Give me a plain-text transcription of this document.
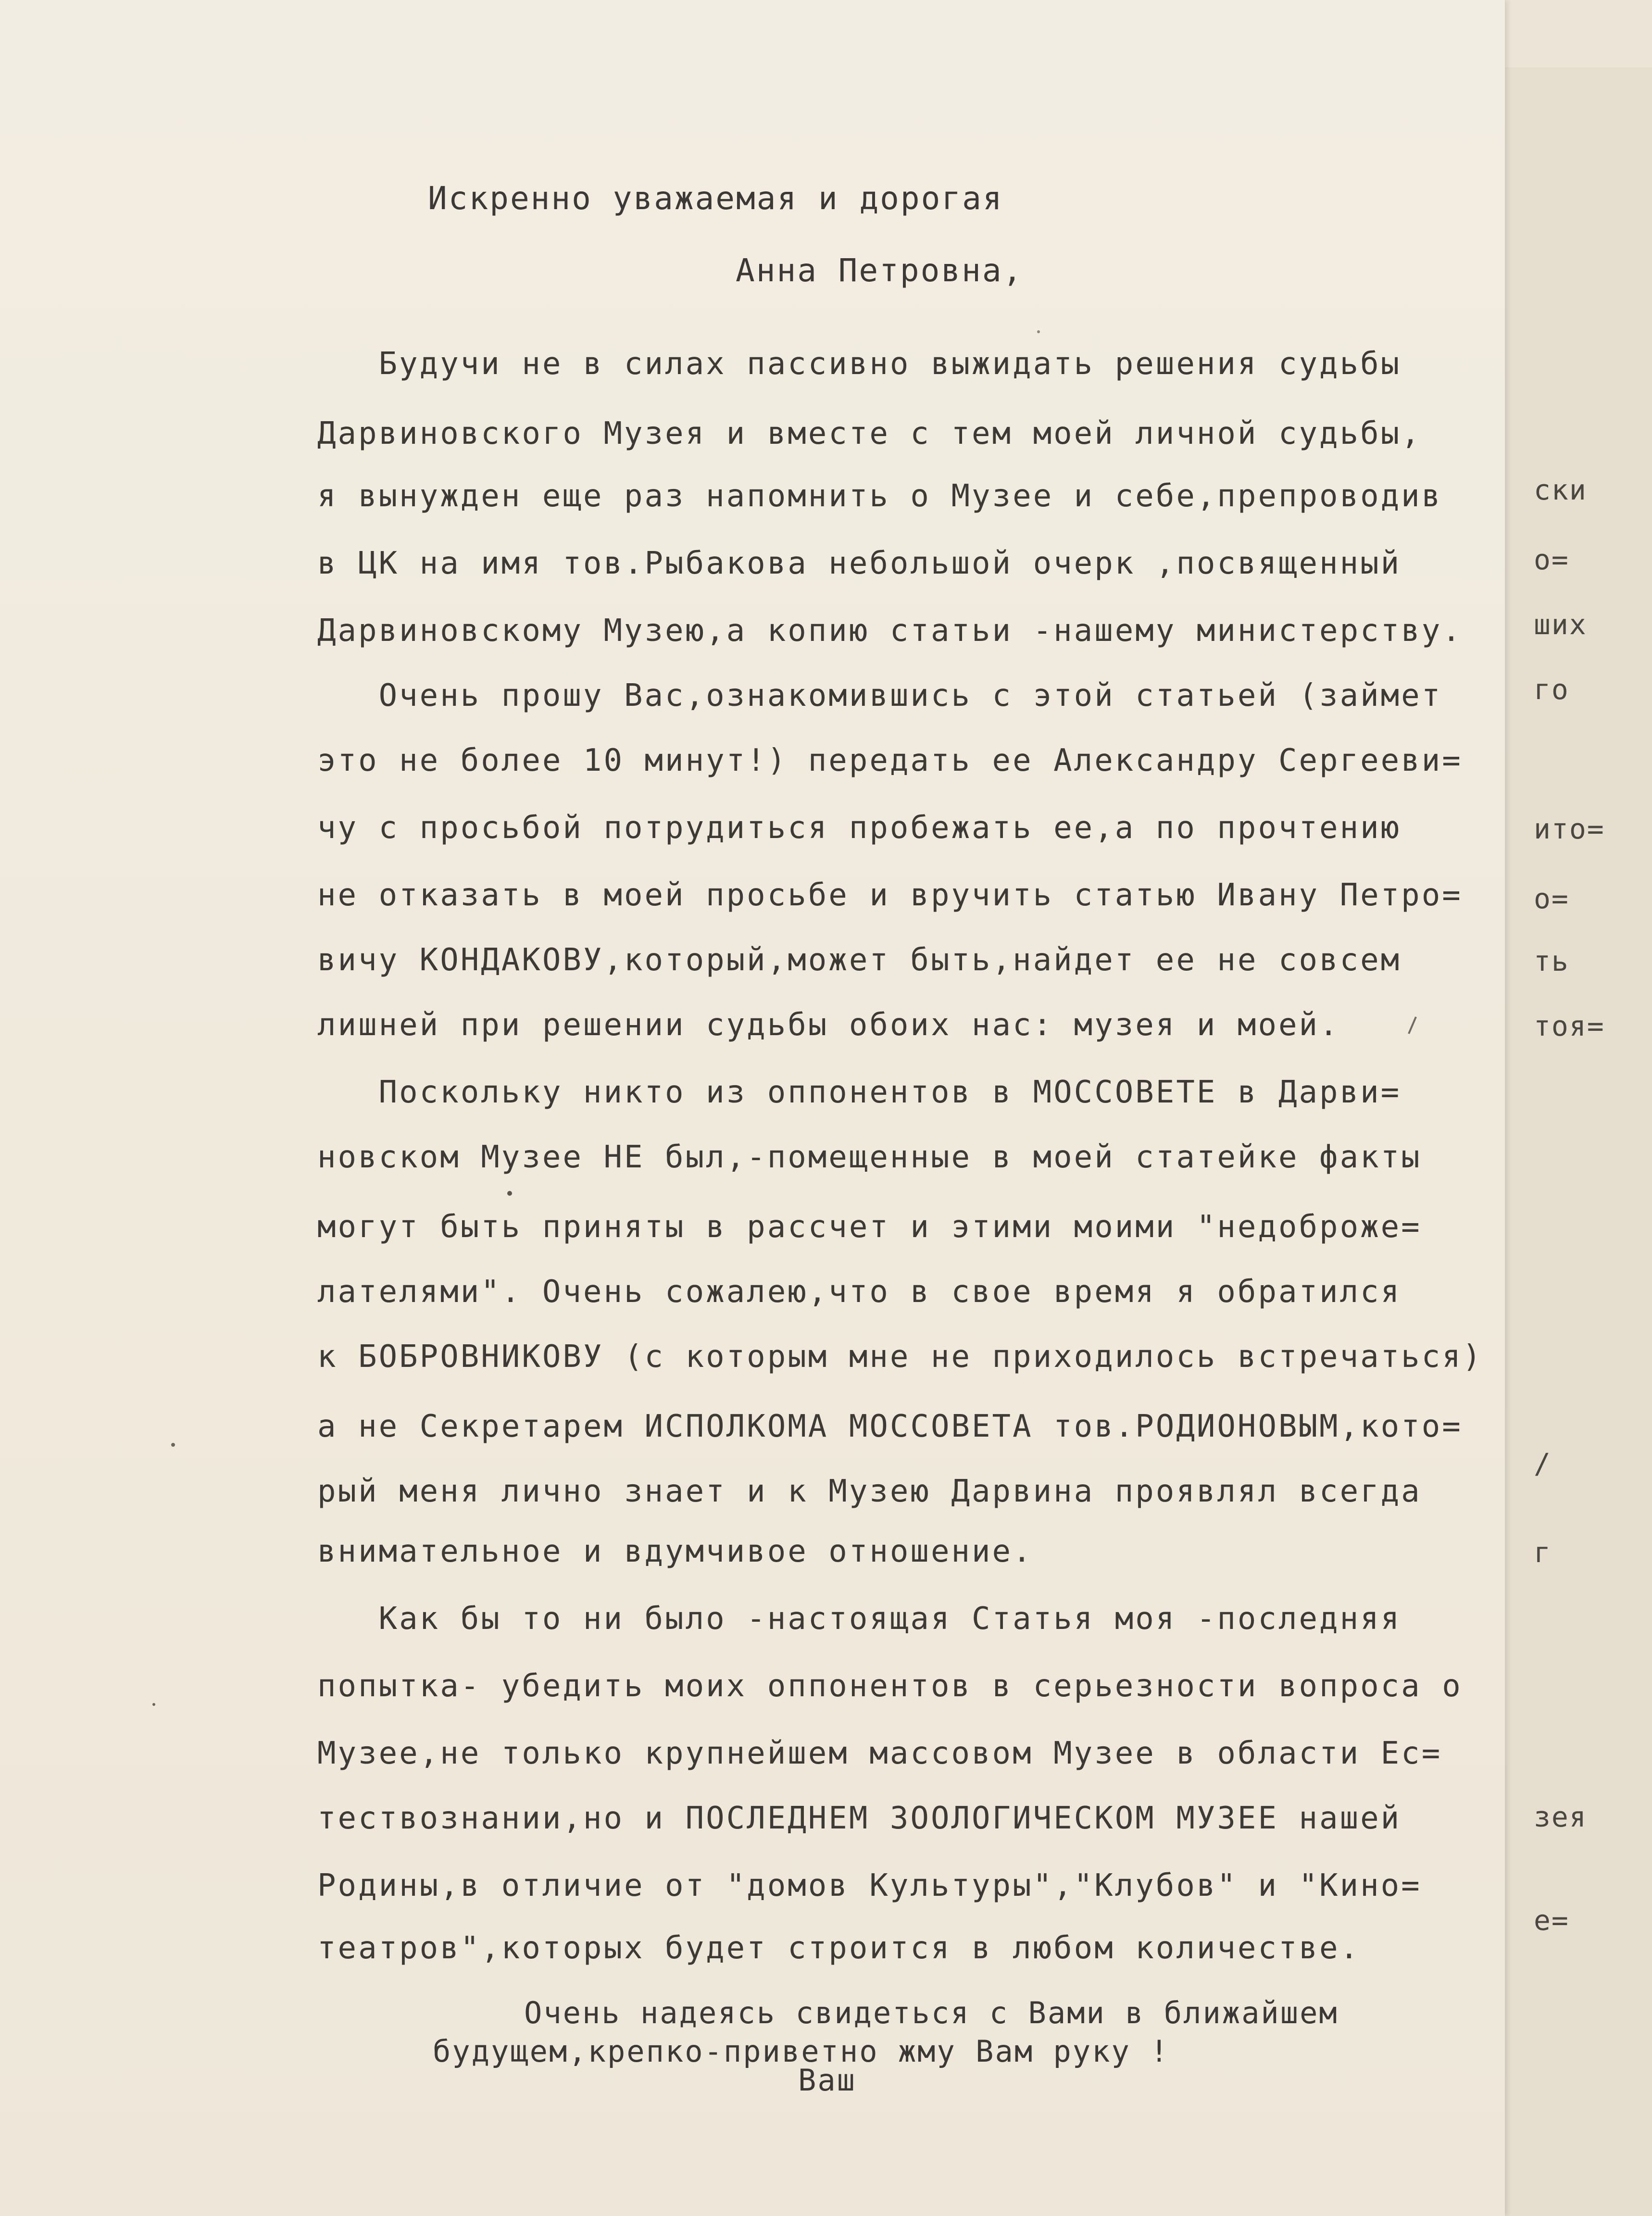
ски
о=
ших
го
ито=
о=
ть
тоя=
/
г
зея
е=
Искренно уважаемая и дорогая
Анна Петровна,
Будучи не в силах пассивно выжидать решения судьбы
Дарвиновского Музея и вместе с тем моей личной судьбы,
я вынужден еще раз напомнить о Музее и себе,препроводив
в ЦК на имя тов.Рыбакова небольшой очерк ,посвященный
Дарвиновскому Музею,а копию статьи -нашему министерству.
Очень прошу Вас,ознакомившись с этой статьей (займет
это не более 10 минут!) передать ее Александру Сергееви=
чу с просьбой потрудиться пробежать ее,а по прочтению
не отказать в моей просьбе и вручить статью Ивану Петро=
вичу КОНДАКОВУ,который,может быть,найдет ее не совсем
лишней при решении судьбы обоих нас: музея и моей.
Поскольку никто из оппонентов в МОССОВЕТЕ в Дарви=
новском Музее НЕ был,-помещенные в моей статейке факты
могут быть приняты в рассчет и этими моими "недоброже=
лателями". Очень сожалею,что в свое время я обратился
к БОБРОВНИКОВУ (с которым мне не приходилось встречаться)
а не Секретарем ИСПОЛКОМА МОССОВЕТА тов.РОДИОНОВЫМ,кото=
рый меня лично знает и к Музею Дарвина проявлял всегда
внимательное и вдумчивое отношение.
Как бы то ни было -настоящая Статья моя -последняя
попытка- убедить моих оппонентов в серьезности вопроса о
Музее,не только крупнейшем массовом Музее в области Ес=
тествознании,но и ПОСЛЕДНЕМ ЗООЛОГИЧЕСКОМ МУЗЕЕ нашей
Родины,в отличие от "домов Культуры","Клубов" и "Кино=
театров",которых будет строится в любом количестве.
Очень надеясь свидеться с Вами в ближайшем
будущем,крепко-приветно жму Вам руку !
Ваш
